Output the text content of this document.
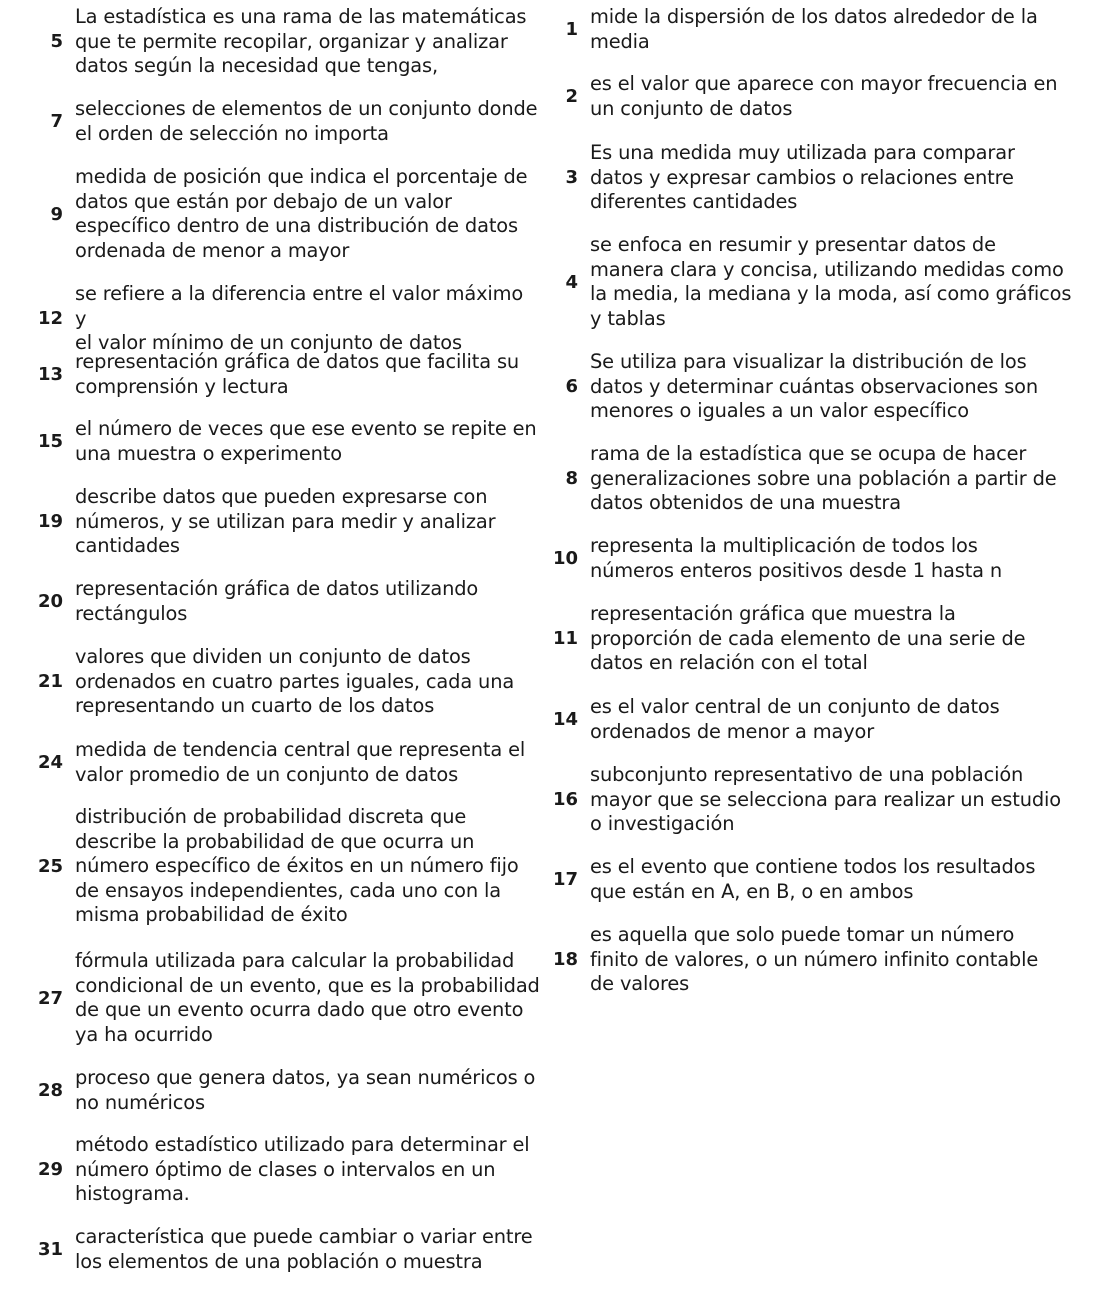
5
La estadística es una rama de las matemáticas
que te permite recopilar, organizar y analizar
datos según la necesidad que tengas,
7
selecciones de elementos de un conjunto donde
el orden de selección no importa
9
medida de posición que indica el porcentaje de
datos que están por debajo de un valor
específico dentro de una distribución de datos
ordenada de menor a mayor
12
se refiere a la diferencia entre el valor máximo y
el valor mínimo de un conjunto de datos
13
representación gráfica de datos que facilita su
comprensión y lectura
15
el número de veces que ese evento se repite en
una muestra o experimento
19
describe datos que pueden expresarse con
números, y se utilizan para medir y analizar
cantidades
20
representación gráfica de datos utilizando
rectángulos
21
valores que dividen un conjunto de datos
ordenados en cuatro partes iguales, cada una
representando un cuarto de los datos
24
medida de tendencia central que representa el
valor promedio de un conjunto de datos
25
distribución de probabilidad discreta que
describe la probabilidad de que ocurra un
número específico de éxitos en un número fijo
de ensayos independientes, cada uno con la
misma probabilidad de éxito
27
fórmula utilizada para calcular la probabilidad
condicional de un evento, que es la probabilidad
de que un evento ocurra dado que otro evento
ya ha ocurrido
28
proceso que genera datos, ya sean numéricos o
no numéricos
29
método estadístico utilizado para determinar el
número óptimo de clases o intervalos en un
histograma.
31
característica que puede cambiar o variar entre
los elementos de una población o muestra
1
mide la dispersión de los datos alrededor de la
media
2
es el valor que aparece con mayor frecuencia en
un conjunto de datos
3
Es una medida muy utilizada para comparar
datos y expresar cambios o relaciones entre
diferentes cantidades
4
se enfoca en resumir y presentar datos de
manera clara y concisa, utilizando medidas como
la media, la mediana y la moda, así como gráficos
y tablas
6
Se utiliza para visualizar la distribución de los
datos y determinar cuántas observaciones son
menores o iguales a un valor específico
8
rama de la estadística que se ocupa de hacer
generalizaciones sobre una población a partir de
datos obtenidos de una muestra
10
representa la multiplicación de todos los
números enteros positivos desde 1 hasta n
11
representación gráfica que muestra la
proporción de cada elemento de una serie de
datos en relación con el total
14
es el valor central de un conjunto de datos
ordenados de menor a mayor
16
subconjunto representativo de una población
mayor que se selecciona para realizar un estudio
o investigación
17
es el evento que contiene todos los resultados
que están en A, en B, o en ambos
18
es aquella que solo puede tomar un número
finito de valores, o un número infinito contable
de valores
